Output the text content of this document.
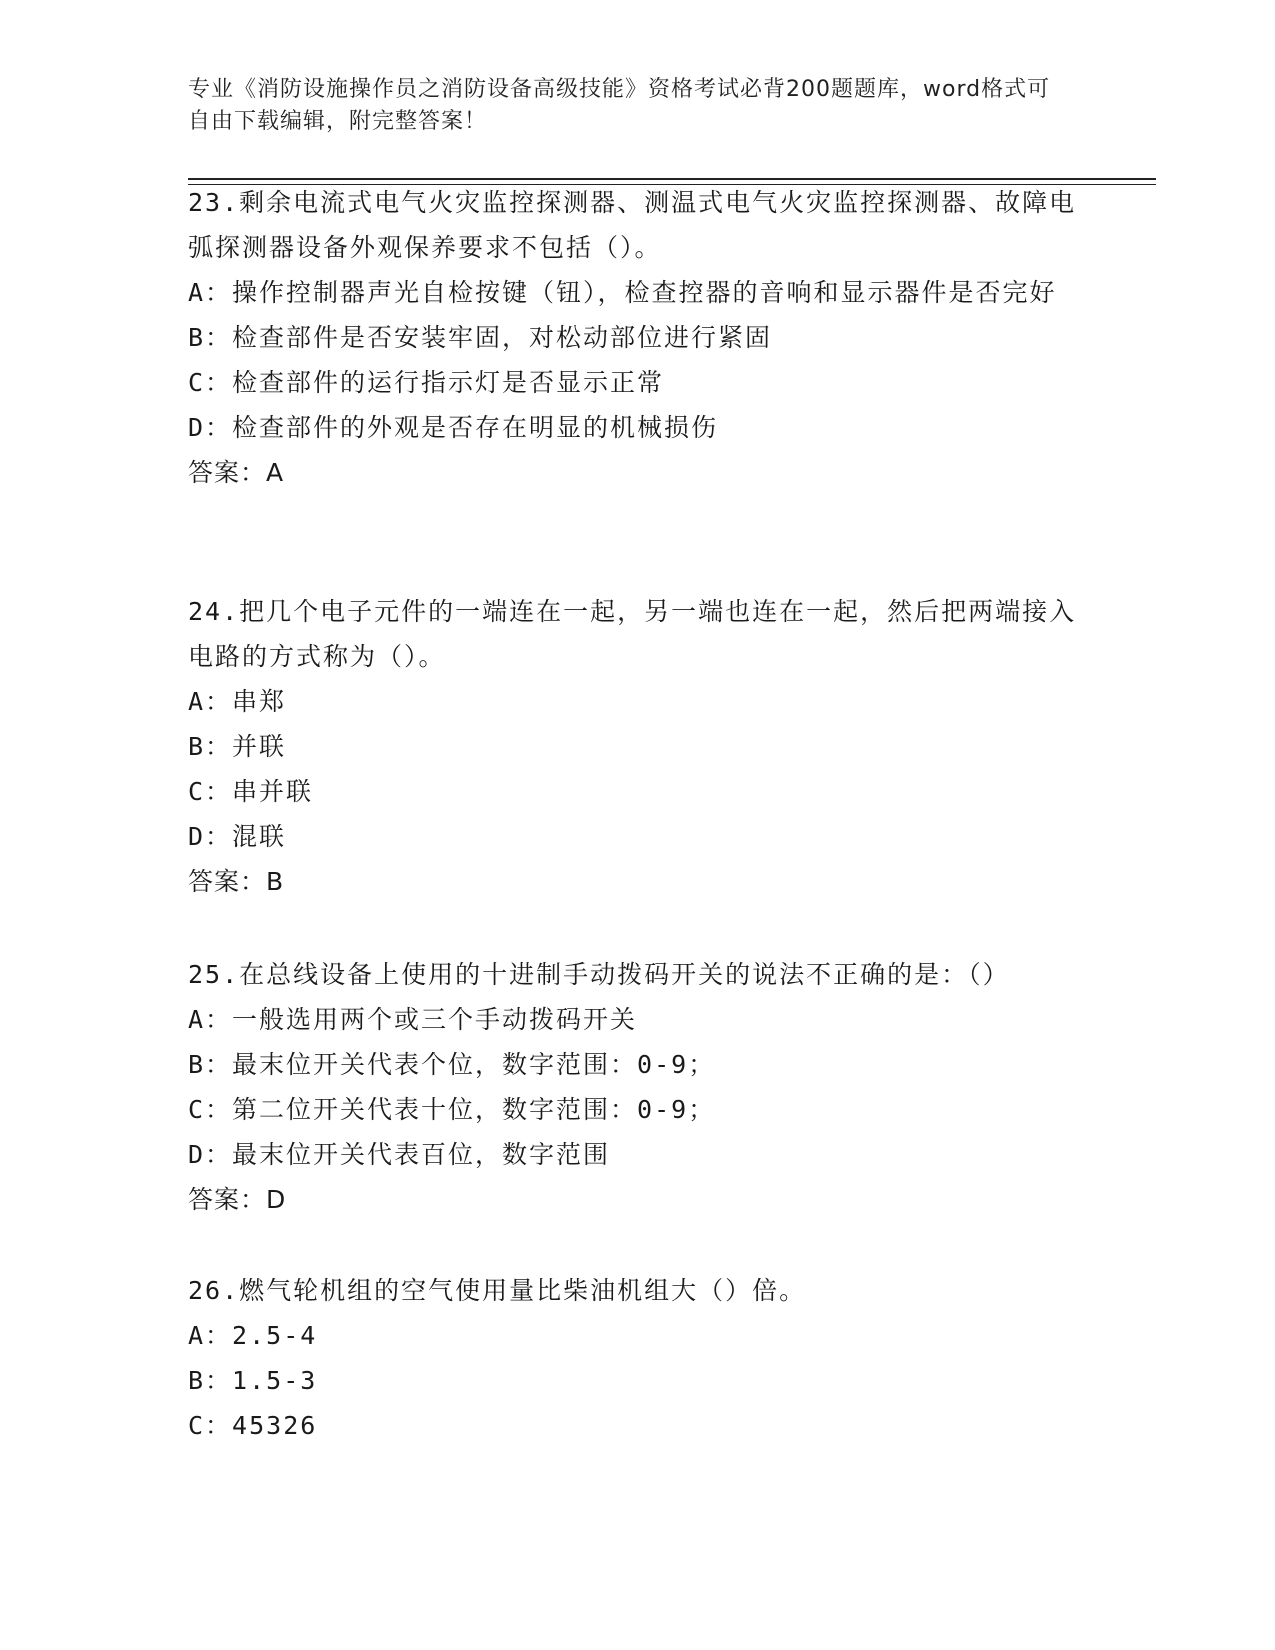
专业《消防设施操作员之消防设备高级技能》资格考试必背200题题库，word格式可自由下载编辑，附完整答案！
23.剩余电流式电气火灾监控探测器、测温式电气火灾监控探测器、故障电弧探测器设备外观保养要求不包括（）。
A：操作控制器声光自检按键（钮），检查控器的音响和显示器件是否完好
B：检查部件是否安装牢固，对松动部位进行紧固
C：检查部件的运行指示灯是否显示正常
D：检查部件的外观是否存在明显的机械损伤
答案：A
24.把几个电子元件的一端连在一起，另一端也连在一起，然后把两端接入电路的方式称为（）。
A：串郑
B：并联
C：串并联
D：混联
答案：B
25.在总线设备上使用的十进制手动拨码开关的说法不正确的是：（）
A：一般选用两个或三个手动拨码开关
B：最末位开关代表个位，数字范围：0-9；
C：第二位开关代表十位，数字范围：0-9；
D：最末位开关代表百位，数字范围
答案：D
26.燃气轮机组的空气使用量比柴油机组大（）倍。
A：2.5-4
B：1.5-3
C：45326
